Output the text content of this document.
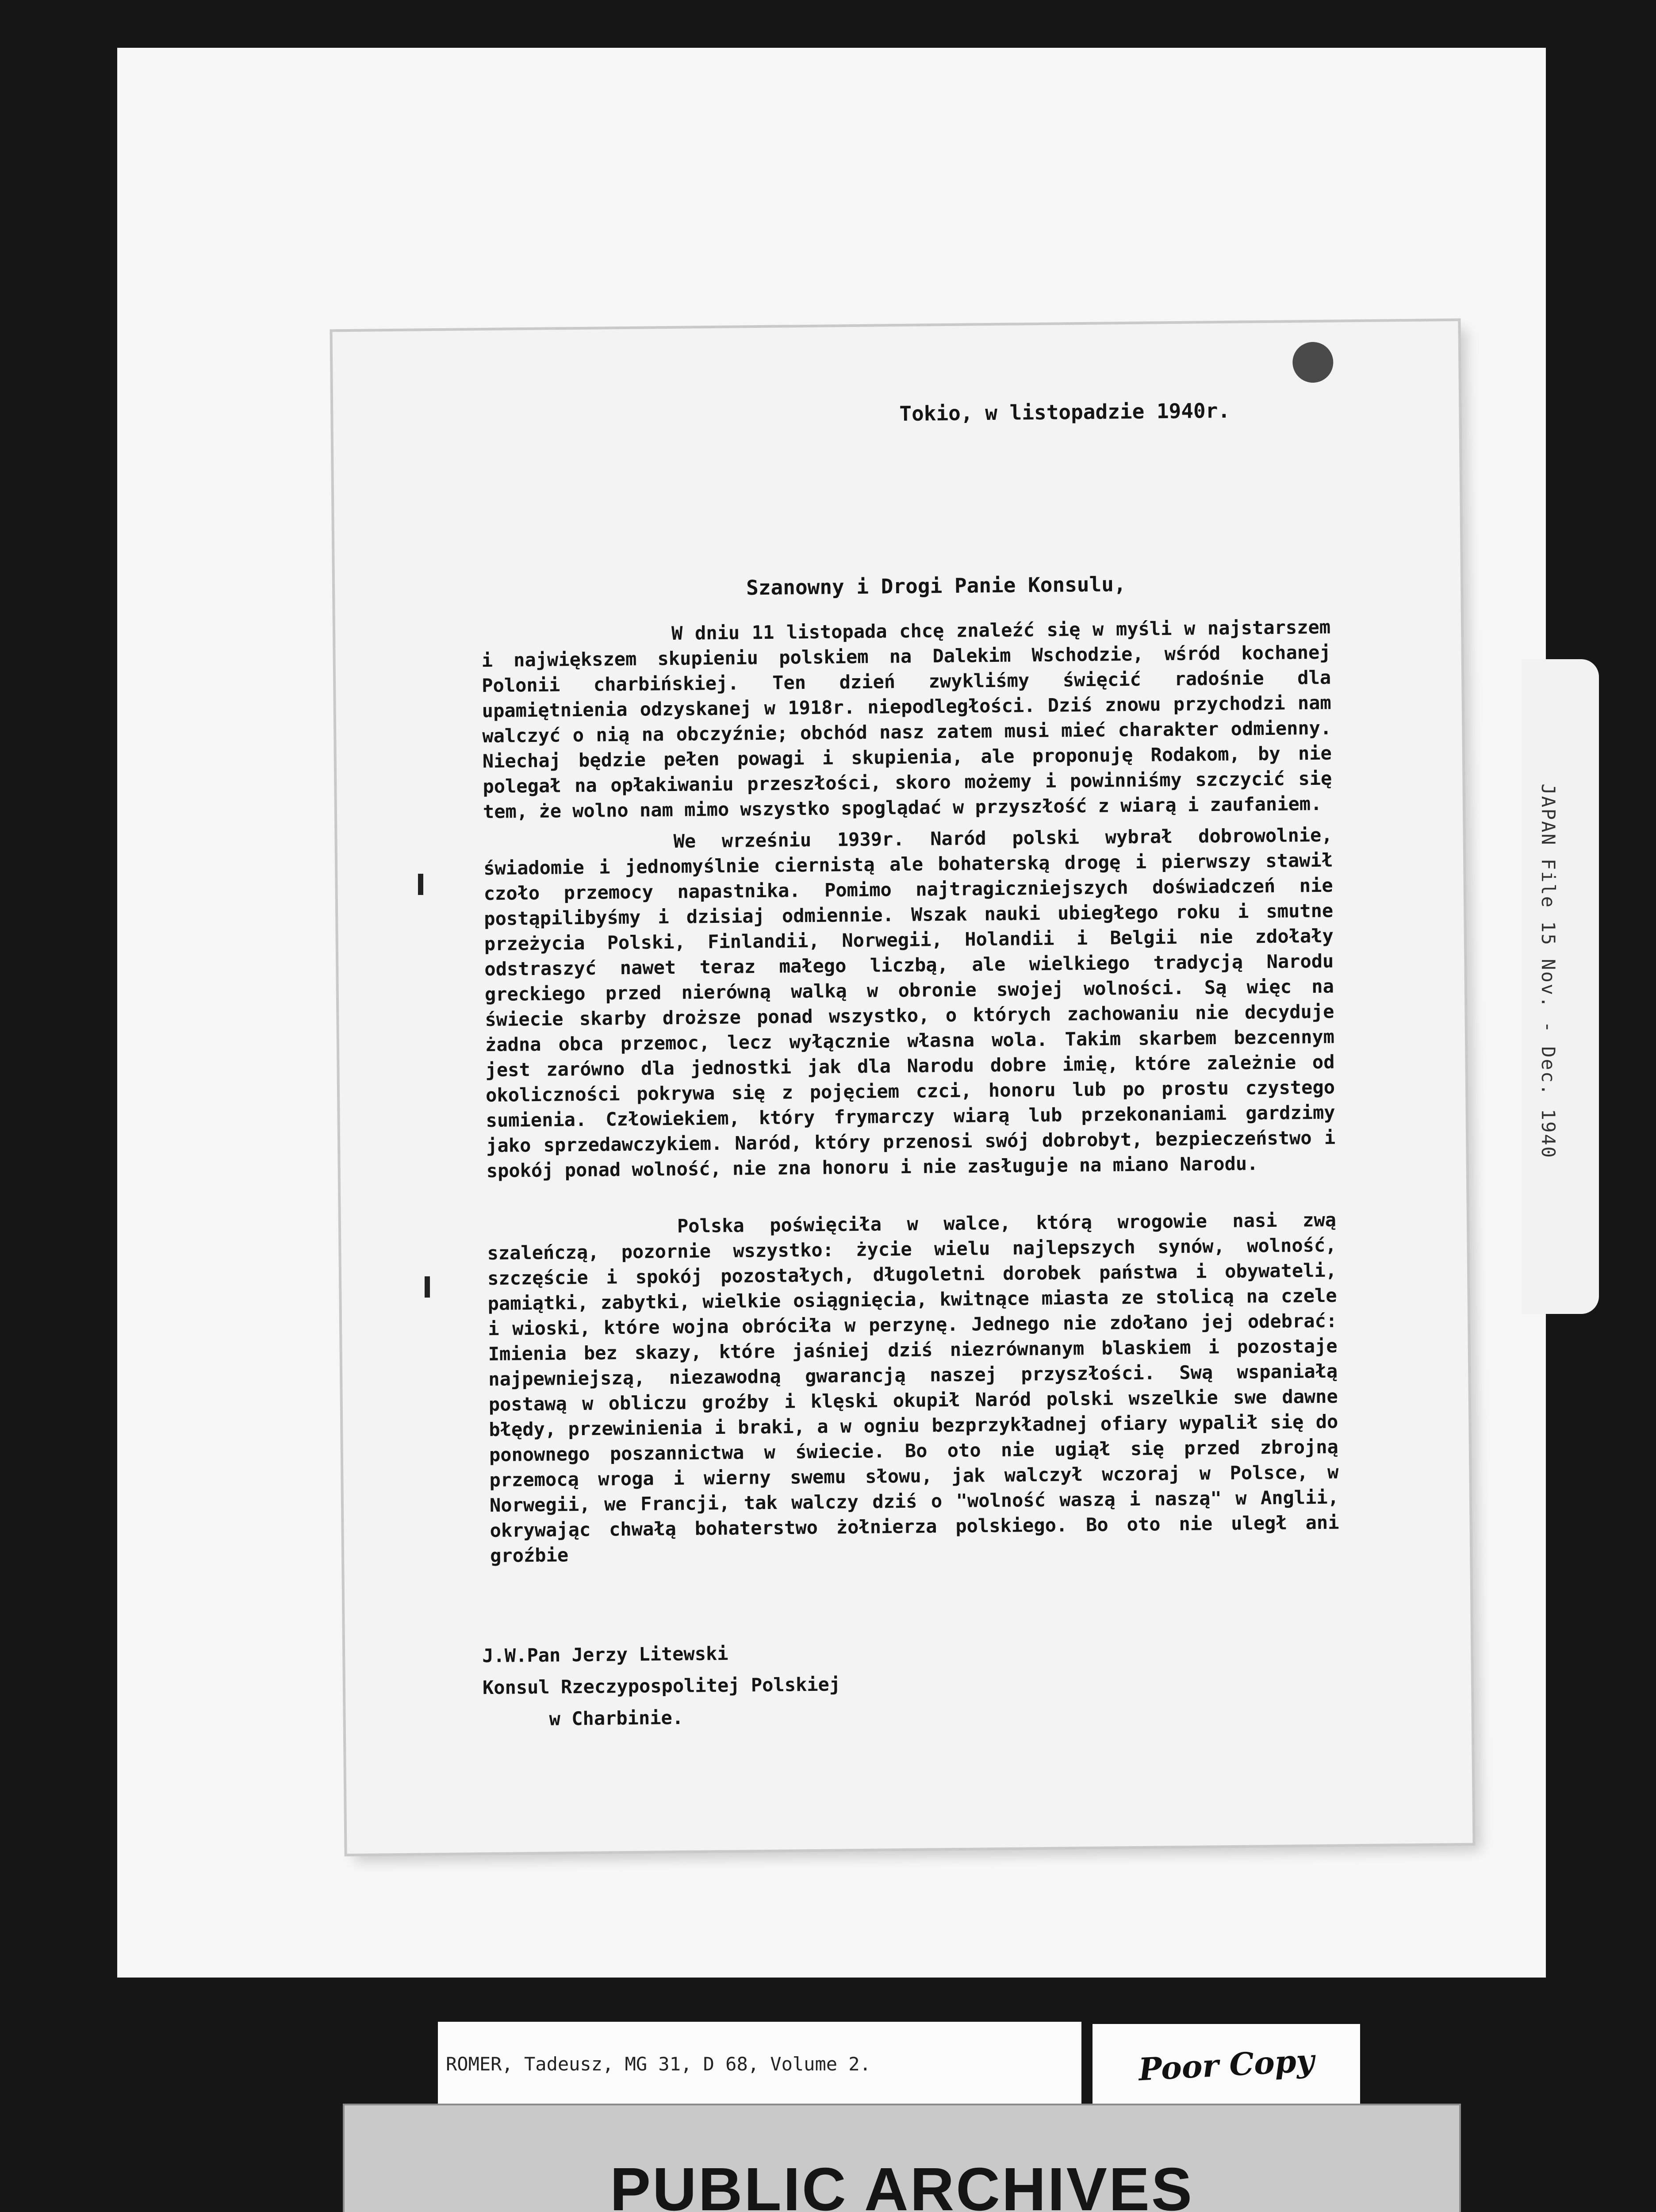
JAPAN File 15 Nov. - Dec. 1940
Tokio, w listopadzie 1940r.
Szanowny i Drogi Panie Konsulu,
W dniu 11 listopada chcę znaleźć się w myśli w najstarszem i największem skupieniu polskiem na Dalekim Wschodzie, wśród kochanej Polonii charbińskiej. Ten dzień zwykliśmy święcić radośnie dla upamiętnienia odzyskanej w 1918r. niepodległości. Dziś znowu przychodzi nam walczyć o nią na obczyźnie; obchód nasz zatem musi mieć charakter odmienny. Niechaj będzie pełen powagi i skupienia, ale proponuję Rodakom, by nie polegał na opłakiwaniu przeszłości, skoro możemy i powinniśmy szczycić się tem, że wolno nam mimo wszystko spoglądać w przyszłość z wiarą i zaufaniem.
We wrześniu 1939r. Naród polski wybrał dobrowolnie, świadomie i jednomyślnie ciernistą ale bohaterską drogę i pierwszy stawił czoło przemocy napastnika. Pomimo najtragiczniejszych doświadczeń nie postąpilibyśmy i dzisiaj odmiennie. Wszak nauki ubiegłego roku i smutne przeżycia Polski, Finlandii, Norwegii, Holandii i Belgii nie zdołały odstraszyć nawet teraz małego liczbą, ale wielkiego tradycją Narodu greckiego przed nierówną walką w obronie swojej wolności. Są więc na świecie skarby droższe ponad wszystko, o których zachowaniu nie decyduje żadna obca przemoc, lecz wyłącznie własna wola. Takim skarbem bezcennym jest zarówno dla jednostki jak dla Narodu dobre imię, które zależnie od okoliczności pokrywa się z pojęciem czci, honoru lub po prostu czystego sumienia. Człowiekiem, który frymarczy wiarą lub przekonaniami gardzimy jako sprzedawczykiem. Naród, który przenosi swój dobrobyt, bezpieczeństwo i spokój ponad wolność, nie zna honoru i nie zasługuje na miano Narodu.
Polska poświęciła w walce, którą wrogowie nasi zwą szaleńczą, pozornie wszystko: życie wielu najlepszych synów, wolność, szczęście i spokój pozostałych, długoletni dorobek państwa i obywateli, pamiątki, zabytki, wielkie osiągnięcia, kwitnące miasta ze stolicą na czele i wioski, które wojna obróciła w perzynę. Jednego nie zdołano jej odebrać: Imienia bez skazy, które jaśniej dziś niezrównanym blaskiem i pozostaje najpewniejszą, niezawodną gwarancją naszej przyszłości. Swą wspaniałą postawą w obliczu groźby i klęski okupił Naród polski wszelkie swe dawne błędy, przewinienia i braki, a w ogniu bezprzykładnej ofiary wypalił się do ponownego poszannictwa w świecie. Bo oto nie ugiął się przed zbrojną przemocą wroga i wierny swemu słowu, jak walczył wczoraj w Polsce, w Norwegii, we Francji, tak walczy dziś o "wolność waszą i naszą" w Anglii, okrywając chwałą bohaterstwo żołnierza polskiego. Bo oto nie uległ ani groźbie
J.W.Pan Jerzy Litewski
Konsul Rzeczypospolitej Polskiej
w Charbinie.
ROMER, Tadeusz, MG 31, D 68, Volume 2.	Poor Copy
PUBLIC ARCHIVES
